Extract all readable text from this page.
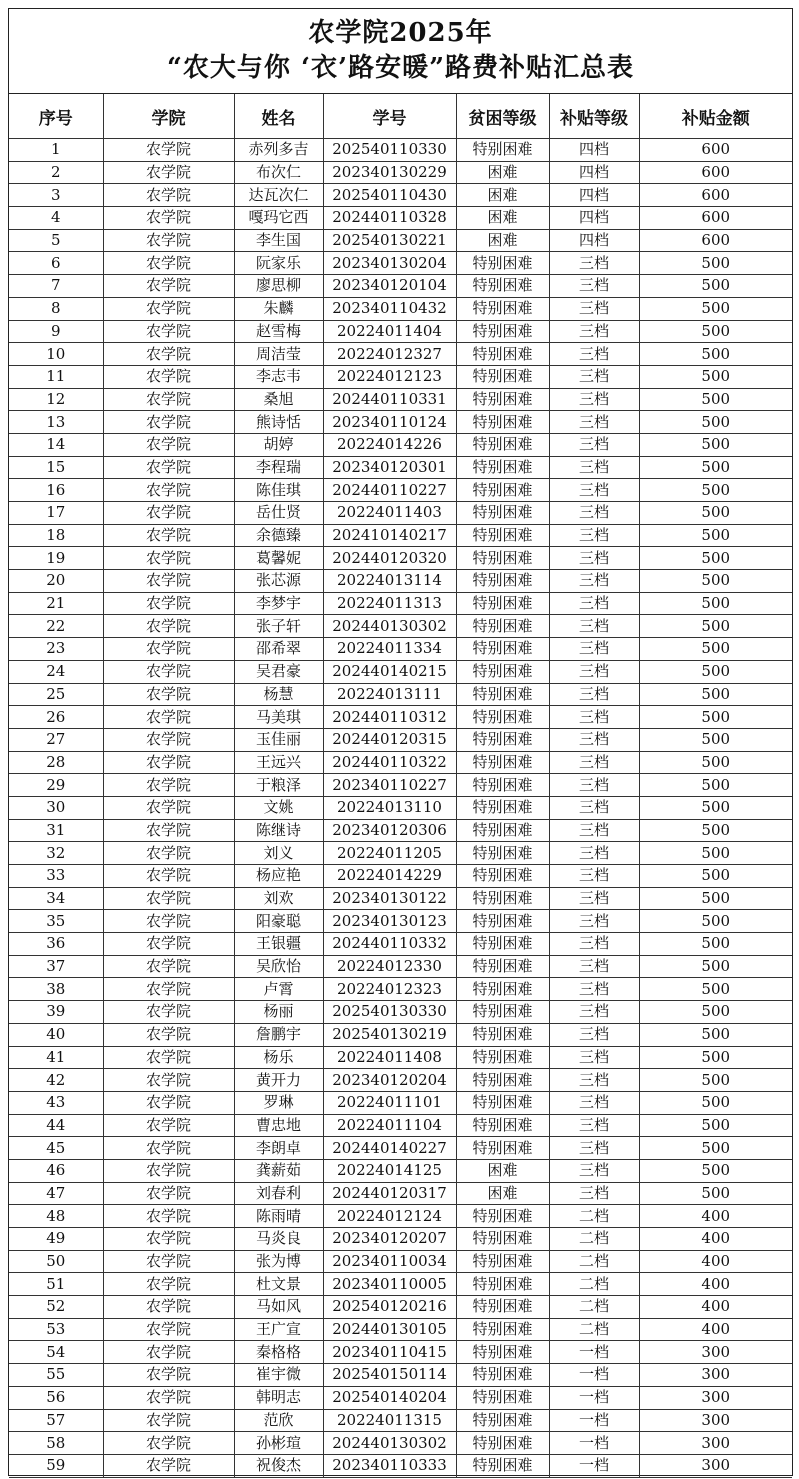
农学院2025年
“农大与你 ‘衣’路安暖”路费补贴汇总表
序号	学院	姓名	学号	贫困等级	补贴等级	补贴金额
1	农学院	赤列多吉	202540110330	特别困难	四档	600
2	农学院	布次仁	202340130229	困难	四档	600
3	农学院	达瓦次仁	202540110430	困难	四档	600
4	农学院	嘎玛它西	202440110328	困难	四档	600
5	农学院	李生国	202540130221	困难	四档	600
6	农学院	阮家乐	202340130204	特别困难	三档	500
7	农学院	廖思柳	202340120104	特别困难	三档	500
8	农学院	朱麟	202340110432	特别困难	三档	500
9	农学院	赵雪梅	20224011404	特别困难	三档	500
10	农学院	周洁莹	20224012327	特别困难	三档	500
11	农学院	李志韦	20224012123	特别困难	三档	500
12	农学院	桑旭	202440110331	特别困难	三档	500
13	农学院	熊诗恬	202340110124	特别困难	三档	500
14	农学院	胡婷	20224014226	特别困难	三档	500
15	农学院	李程瑞	202340120301	特别困难	三档	500
16	农学院	陈佳琪	202440110227	特别困难	三档	500
17	农学院	岳仕贤	20224011403	特别困难	三档	500
18	农学院	余德臻	202410140217	特别困难	三档	500
19	农学院	葛馨妮	202440120320	特别困难	三档	500
20	农学院	张芯源	20224013114	特别困难	三档	500
21	农学院	李梦宇	20224011313	特别困难	三档	500
22	农学院	张子轩	202440130302	特别困难	三档	500
23	农学院	邵希翠	20224011334	特别困难	三档	500
24	农学院	吴君豪	202440140215	特别困难	三档	500
25	农学院	杨慧	20224013111	特别困难	三档	500
26	农学院	马美琪	202440110312	特别困难	三档	500
27	农学院	玉佳丽	202440120315	特别困难	三档	500
28	农学院	王远兴	202440110322	特别困难	三档	500
29	农学院	于粮泽	202340110227	特别困难	三档	500
30	农学院	文姚	20224013110	特别困难	三档	500
31	农学院	陈继诗	202340120306	特别困难	三档	500
32	农学院	刘义	20224011205	特别困难	三档	500
33	农学院	杨应艳	20224014229	特别困难	三档	500
34	农学院	刘欢	202340130122	特别困难	三档	500
35	农学院	阳豪聪	202340130123	特别困难	三档	500
36	农学院	王银疆	202440110332	特别困难	三档	500
37	农学院	吴欣怡	20224012330	特别困难	三档	500
38	农学院	卢霄	20224012323	特别困难	三档	500
39	农学院	杨丽	202540130330	特别困难	三档	500
40	农学院	詹鹏宇	202540130219	特别困难	三档	500
41	农学院	杨乐	20224011408	特别困难	三档	500
42	农学院	黄开力	202340120204	特别困难	三档	500
43	农学院	罗琳	20224011101	特别困难	三档	500
44	农学院	曹忠地	20224011104	特别困难	三档	500
45	农学院	李朗卓	202440140227	特别困难	三档	500
46	农学院	龚薪茹	20224014125	困难	三档	500
47	农学院	刘春利	202440120317	困难	三档	500
48	农学院	陈雨晴	20224012124	特别困难	二档	400
49	农学院	马炎良	202340120207	特别困难	二档	400
50	农学院	张为博	202340110034	特别困难	二档	400
51	农学院	杜文景	202340110005	特别困难	二档	400
52	农学院	马如风	202540120216	特别困难	二档	400
53	农学院	王广宣	202440130105	特别困难	二档	400
54	农学院	秦格格	202340110415	特别困难	一档	300
55	农学院	崔宇微	202540150114	特别困难	一档	300
56	农学院	韩明志	202540140204	特别困难	一档	300
57	农学院	范欣	20224011315	特别困难	一档	300
58	农学院	孙彬瑄	202440130302	特别困难	一档	300
59	农学院	祝俊杰	202340110333	特别困难	一档	300
